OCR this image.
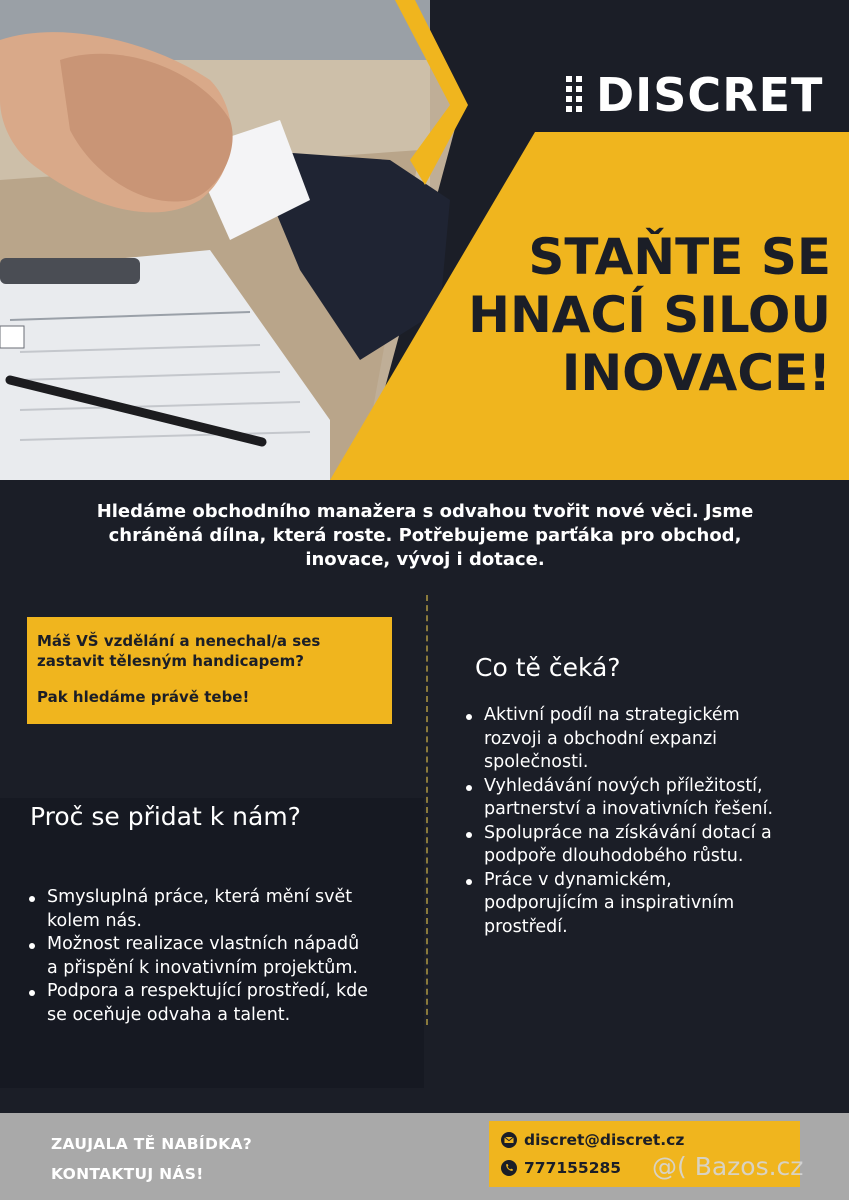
DISCRET
STAŇTE SE
HNACÍ SILOU
INOVACE!
Hledáme obchodního manažera s odvahou tvořit nové věci. Jsme
chráněná dílna, která roste. Potřebujeme parťáka pro obchod,
inovace, vývoj i dotace.
Máš VŠ vzdělání a nenechal/a ses
zastavit tělesným handicapem?
Pak hledáme právě tebe!
Co tě čeká?
Aktivní podíl na strategickém
rozvoji a obchodní expanzi
společnosti.
Vyhledávání nových příležitostí,
partnerství a inovativních řešení.
Spolupráce na získávání dotací a
podpoře dlouhodobého růstu.
Práce v dynamickém,
podporujícím a inspirativním
prostředí.
Proč se přidat k nám?
Smysluplná práce, která mění svět
kolem nás.
Možnost realizace vlastních nápadů
a přispění k inovativním projektům.
Podpora a respektující prostředí, kde
se oceňuje odvaha a talent.
ZAUJALA TĚ NABÍDKA?
KONTAKTUJ NÁS!
discret@discret.cz
777155285 @( Bazos.cz
